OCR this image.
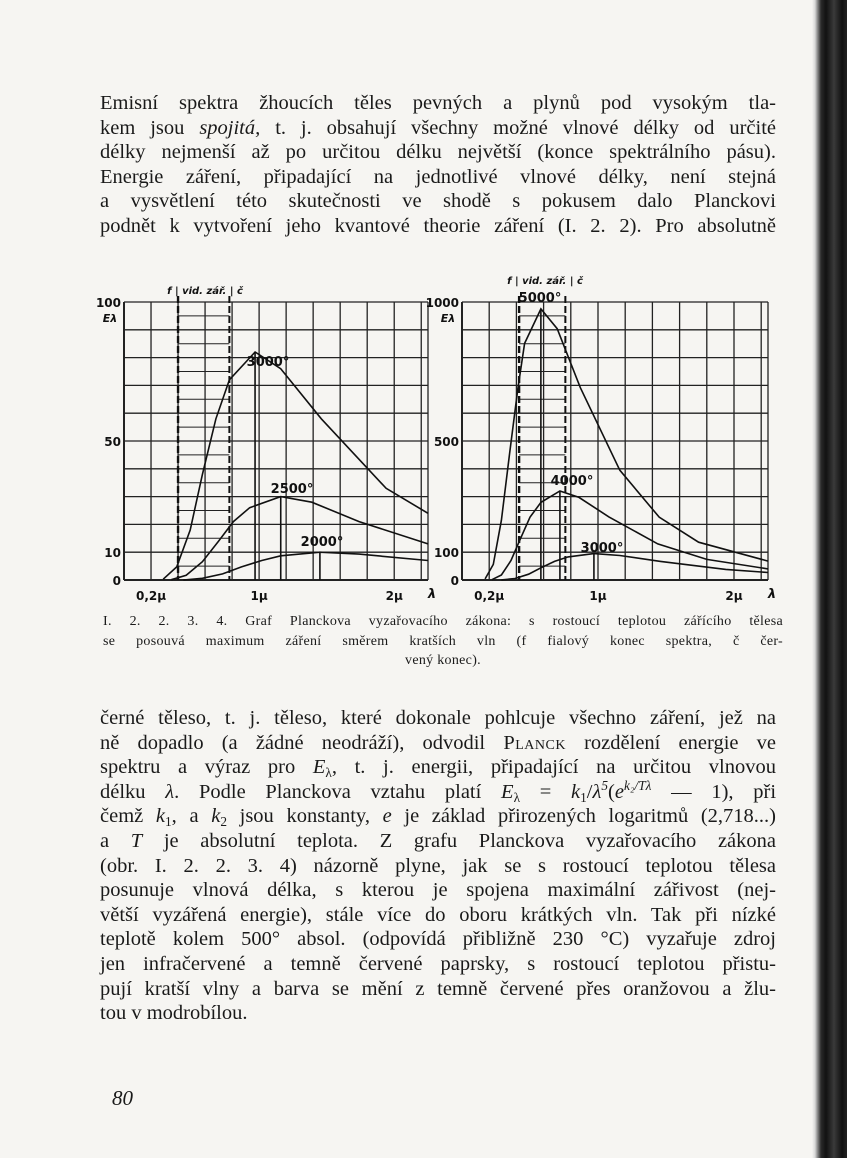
Emisní spektra žhoucích těles pevných a plynů pod vysokým tla-
kem jsou spojitá, t. j. obsahují všechny možné vlnové délky od určité
délky nejmenší až po určitou délku největší (konce spektrálního pásu).
Energie záření, připadající na jednotlivé vlnové délky, není stejná
a vysvětlení této skutečnosti ve shodě s pokusem dalo Planckovi
podnět k vytvoření jeho kvantové theorie záření (I. 2. 2). Pro absolutně
3000°
2500°
2000°
100
50
10
0
0,2μ	1μ	2μ λ
Eλ
f | vid. zář. | č	5000°
4000°
3000°
1000
500
100
0
0,2μ	1μ	2μ λ
Eλ
f | vid. zář. | č
I. 2. 2. 3. 4. Graf Planckova vyzařovacího zákona: s rostoucí teplotou zářícího tělesa
se posouvá maximum záření směrem kratších vln (f fialový konec spektra, č čer-
vený konec).
černé těleso, t. j. těleso, které dokonale pohlcuje všechno záření, jež na
ně dopadlo (a žádné neodráží), odvodil Planck rozdělení energie ve
spektru a výraz pro $E_\lambda$, t. j. energii, připadající na určitou vlnovou
délku λ. Podle Planckova vztahu platí $E_\lambda = k_1/\lambda^5(e^{k_2/T\lambda}$ — 1), při
čemž $k_1$, a $k_2$ jsou konstanty, e je základ přirozených logaritmů (2,718...)
a T je absolutní teplota. Z grafu Planckova vyzařovacího zákona
(obr. I. 2. 2. 3. 4) názorně plyne, jak se s rostoucí teplotou tělesa
posunuje vlnová délka, s kterou je spojena maximální zářivost (nej-
větší vyzářená energie), stále více do oboru krátkých vln. Tak při nízké
teplotě kolem 500° absol. (odpovídá přibližně 230 °C) vyzařuje zdroj
jen infračervené a temně červené paprsky, s rostoucí teplotou přistu-
pují kratší vlny a barva se mění z temně červené přes oranžovou a žlu-
tou v modrobílou.
80
